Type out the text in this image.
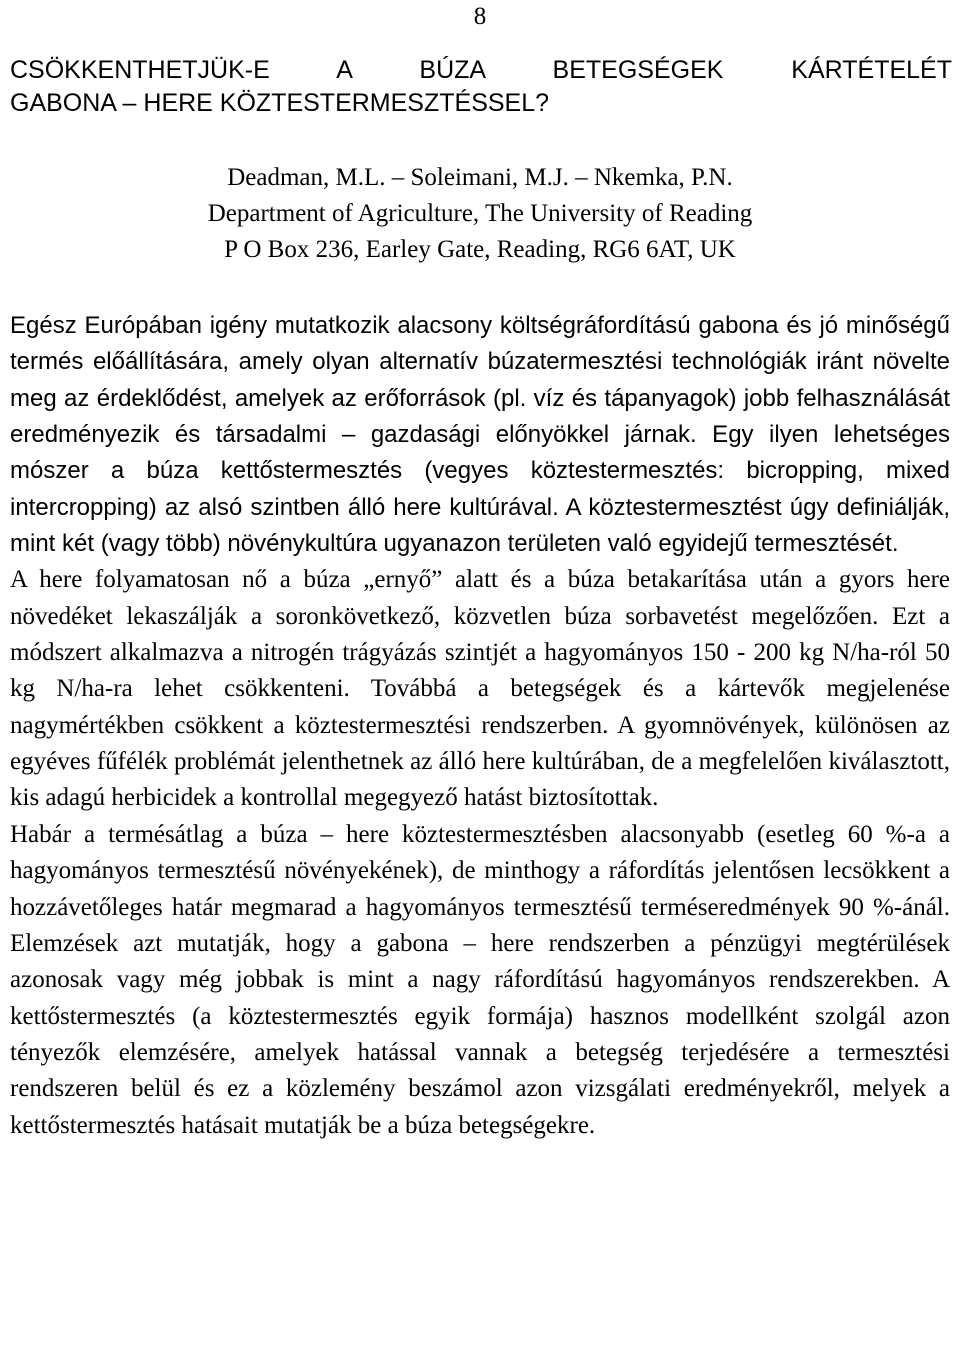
8
CSÖKKENTHETJÜK-E A BÚZA BETEGSÉGEK KÁRTÉTELÉT
GABONA – HERE KÖZTESTERMESZTÉSSEL?
Deadman, M.L. – Soleimani, M.J. – Nkemka, P.N.
Department of Agriculture, The University of Reading
P O Box 236, Earley Gate, Reading, RG6 6AT, UK

Egész Európában igény mutatkozik alacsony költségráfordítású gabona és jó minőségű termés előállítására, amely olyan alternatív búzatermesztési technológiák iránt növelte meg az érdeklődést, amelyek az erőforrások (pl. víz és tápanyagok) jobb felhasználását eredményezik és társadalmi – gazdasági előnyökkel járnak. Egy ilyen lehetséges mószer a búza kettőstermesztés (vegyes köztestermesztés: bicropping, mixed intercropping) az alsó szintben álló here kultúrával. A köztestermesztést úgy definiálják, mint két (vagy több) növénykultúra ugyanazon területen való egyidejű termesztését.

A here folyamatosan nő a búza „ernyő” alatt és a búza betakarítása után a gyors here növedéket lekaszálják a soronkövetkező, közvetlen búza sorbavetést megelőzően. Ezt a módszert alkalmazva a nitrogén trágyázás szintjét a hagyományos 150 - 200 kg N/ha-ról 50 kg N/ha-ra lehet csökkenteni. Továbbá a betegségek és a kártevők megjelenése nagymértékben csökkent a köztestermesztési rendszerben. A gyomnövények, különösen az egyéves fűfélék problémát jelenthetnek az álló here kultúrában, de a megfelelően kiválasztott, kis adagú herbicidek a kontrollal megegyező hatást biztosítottak.

Habár a termésátlag a búza – here köztestermesztésben alacsonyabb (esetleg 60 %-a a hagyományos termesztésű növényekének), de minthogy a ráfordítás jelentősen lecsökkent a hozzávetőleges határ megmarad a hagyományos termesztésű terméseredmények 90 %-ánál. Elemzések azt mutatják, hogy a gabona – here rendszerben a pénzügyi megtérülések azonosak vagy még jobbak is mint a nagy ráfordítású hagyományos rendszerekben. A kettőstermesztés (a köztestermesztés egyik formája) hasznos modellként szolgál azon tényezők elemzésére, amelyek hatással vannak a betegség terjedésére a termesztési rendszeren belül és ez a közlemény beszámol azon vizsgálati eredményekről, melyek a kettőstermesztés hatásait mutatják be a búza betegségekre.
